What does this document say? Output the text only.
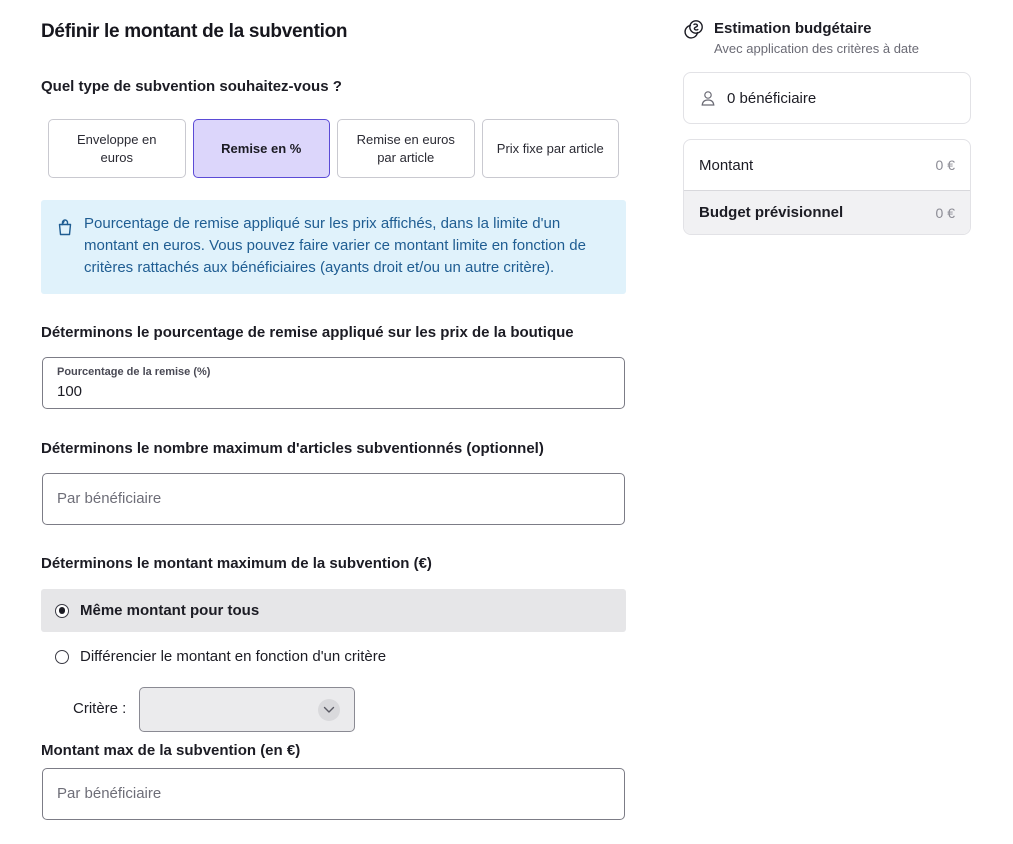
Définir le montant de la subvention
Quel type de subvention souhaitez-vous ?
Enveloppe en euros
Remise en %
Remise en euros par article
Prix fixe par article
Pourcentage de remise appliqué sur les prix affichés, dans la limite d'un montant en euros. Vous pouvez faire varier ce montant limite en fonction de critères rattachés aux bénéficiaires (ayants droit et/ou un autre critère).
Déterminons le pourcentage de remise appliqué sur les prix de la boutique
Pourcentage de la remise (%)
100
Déterminons le nombre maximum d'articles subventionnés (optionnel)
Par bénéficiaire
Déterminons le montant maximum de la subvention (€)
Même montant pour tous
Différencier le montant en fonction d'un critère
Critère :
Montant max de la subvention (en €)
Par bénéficiaire
Estimation budgétaire
Avec application des critères à date
0 bénéficiaire
Montant	0 €
Budget prévisionnel	0 €
